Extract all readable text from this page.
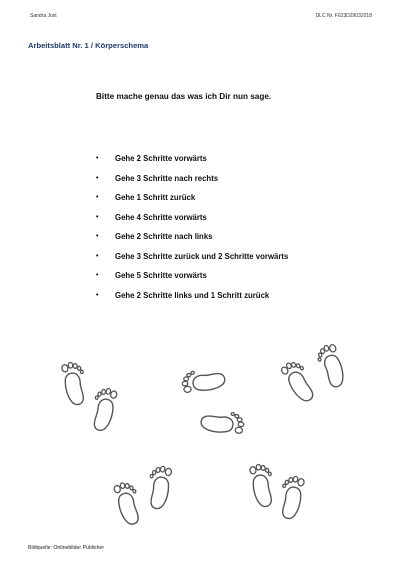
Sandra Jost	DLC Nr. F023D29032018
Arbeitsblatt Nr. 1 / Körperschema
Bitte mache genau das was ich Dir nun sage.
• Gehe 2 Schritte vorwärts
• Gehe 3 Schritte nach rechts
• Gehe 1 Schritt zurück
• Gehe 4 Schritte vorwärts
• Gehe 2 Schritte nach links
• Gehe 3 Schritte zurück und 2 Schritte vorwärts
• Gehe 5 Schritte vorwärts
• Gehe 2 Schritte links und 1 Schritt zurück
Bildquelle: Onlinebilder Publisher
